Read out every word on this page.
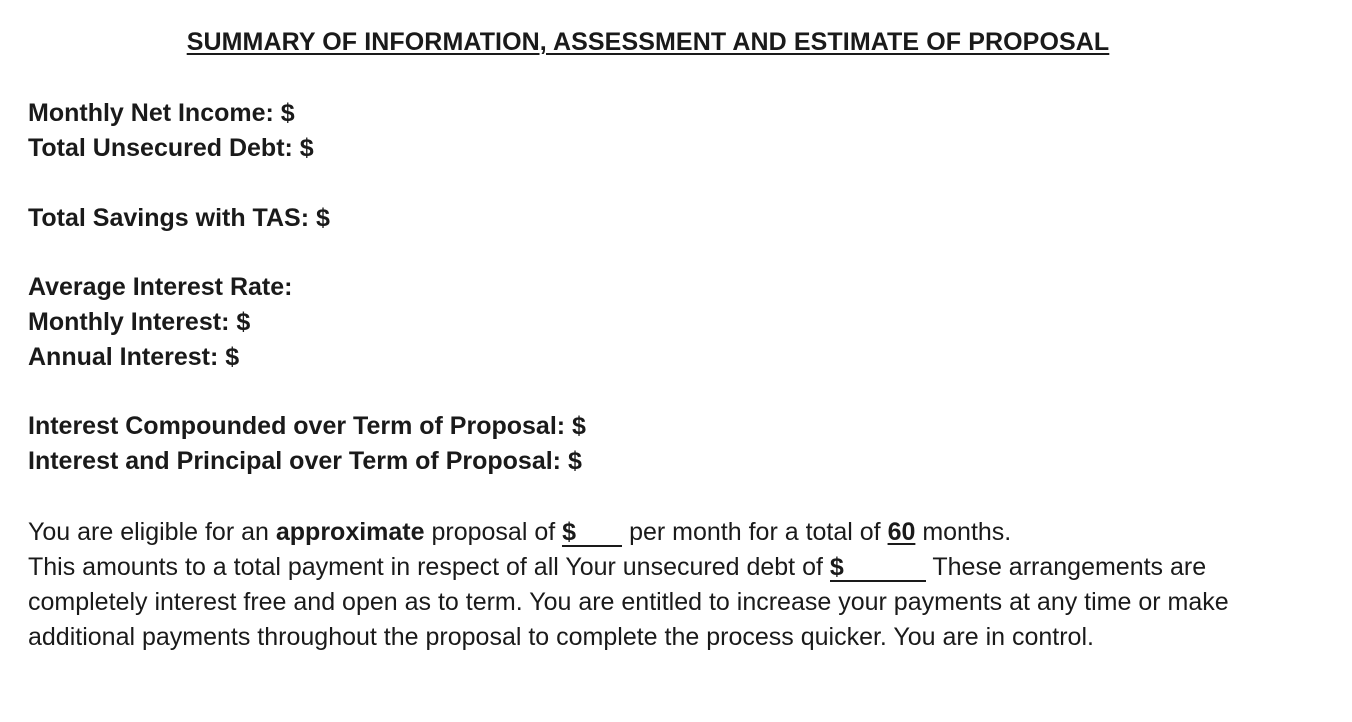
SUMMARY OF INFORMATION, ASSESSMENT AND ESTIMATE OF PROPOSAL

Monthly Net Income: $

Total Unsecured Debt: $

Total Savings with TAS: $

Average Interest Rate:

Monthly Interest: $

Annual Interest: $

Interest Compounded over Term of Proposal: $

Interest and Principal over Term of Proposal: $

You are eligible for an approximate proposal of $ per month for a total of 60 months.
This amounts to a total payment in respect of all Your unsecured debt of $	These arrangements are completely interest free and open as to term. You are entitled to increase your payments at any time or make additional payments throughout the proposal to complete the process quicker. You are in control.
